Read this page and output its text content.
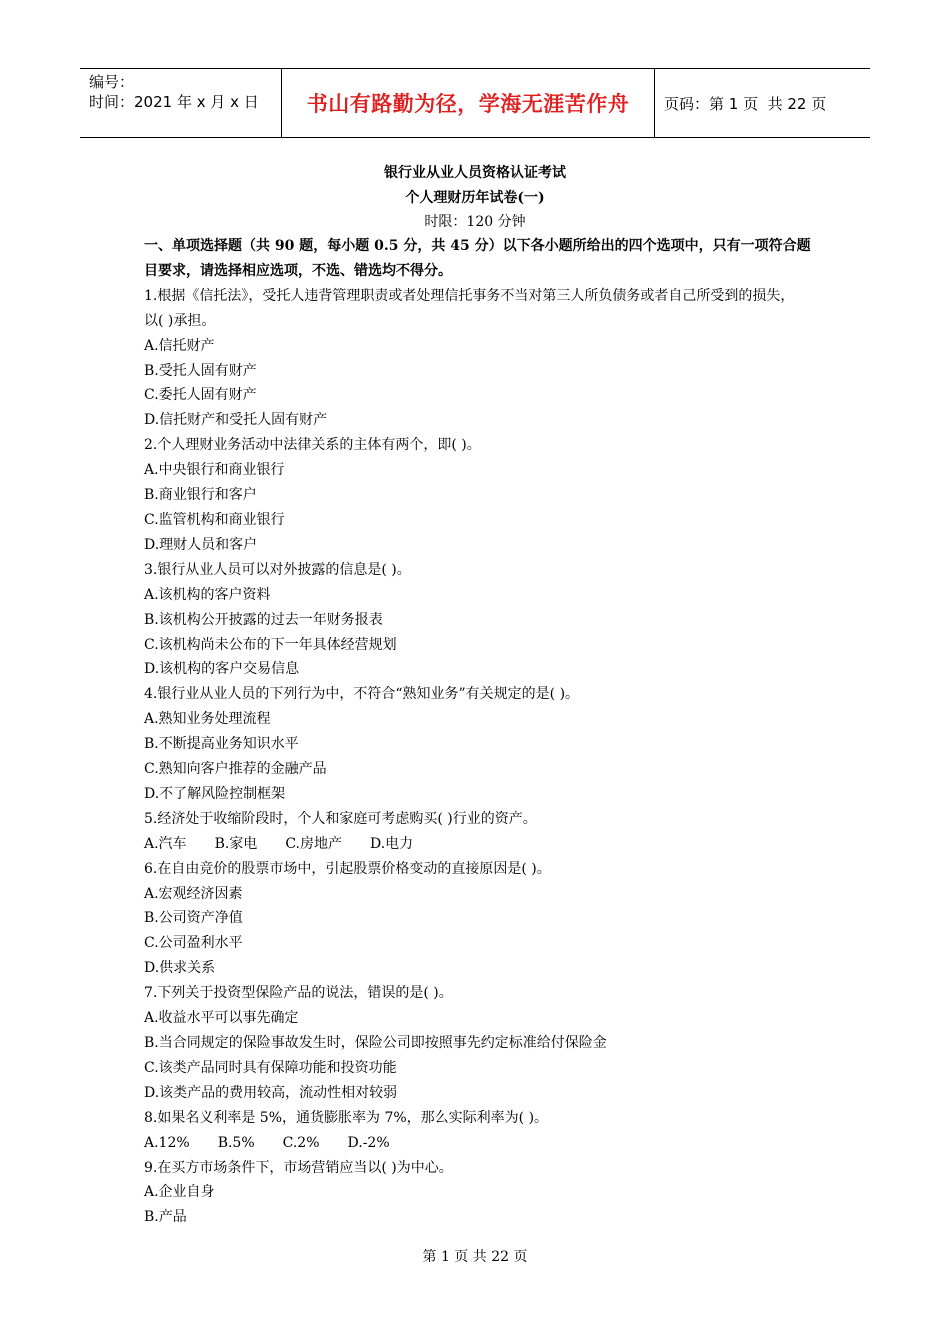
编号：
时间：2021 年 x 月 x 日	书山有路勤为径，学海无涯苦作舟	页码：第 1 页  共 22 页
银行业从业人员资格认证考试
个人理财历年试卷(一)
时限：120 分钟
一、单项选择题（共 90 题，每小题 0.5 分，共 45 分）以下各小题所给出的四个选项中，只有一项符合题
目要求，请选择相应选项，不选、错选均不得分。
1.根据《信托法》，受托人违背管理职责或者处理信托事务不当对第三人所负债务或者自己所受到的损失，
以( )承担。
A.信托财产
B.受托人固有财产
C.委托人固有财产
D.信托财产和受托人固有财产
2.个人理财业务活动中法律关系的主体有两个，即( )。
A.中央银行和商业银行
B.商业银行和客户
C.监管机构和商业银行
D.理财人员和客户
3.银行从业人员可以对外披露的信息是( )。
A.该机构的客户资料
B.该机构公开披露的过去一年财务报表
C.该机构尚未公布的下一年具体经营规划
D.该机构的客户交易信息
4.银行业从业人员的下列行为中，不符合“熟知业务”有关规定的是( )。
A.熟知业务处理流程
B.不断提高业务知识水平
C.熟知向客户推荐的金融产品
D.不了解风险控制框架
5.经济处于收缩阶段时，个人和家庭可考虑购买( )行业的资产。
A.汽车 B.家电 C.房地产 D.电力
6.在自由竞价的股票市场中，引起股票价格变动的直接原因是( )。
A.宏观经济因素
B.公司资产净值
C.公司盈利水平
D.供求关系
7.下列关于投资型保险产品的说法，错误的是( )。
A.收益水平可以事先确定
B.当合同规定的保险事故发生时，保险公司即按照事先约定标准给付保险金
C.该类产品同时具有保障功能和投资功能
D.该类产品的费用较高，流动性相对较弱
8.如果名义利率是 5%，通货膨胀率为 7%，那么实际利率为( )。
A.12% B.5% C.2% D.-2%
9.在买方市场条件下，市场营销应当以( )为中心。
A.企业自身
B.产品
第 1 页 共 22 页
